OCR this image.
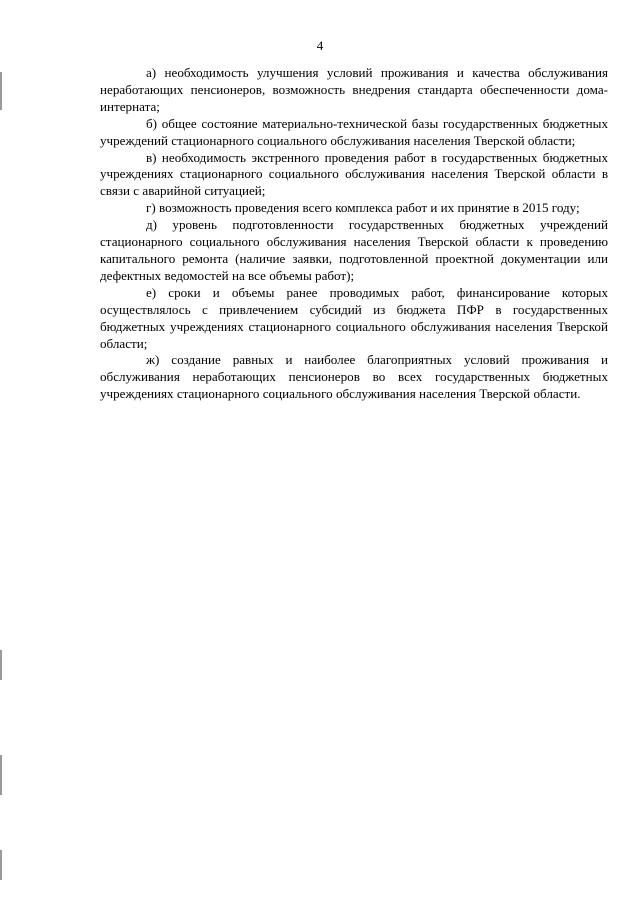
4

а) необходимость улучшения условий проживания и качества обслуживания неработающих пенсионеров, возможность внедрения стандарта обеспеченности дома-интерната;

б) общее состояние материально-технической базы государственных бюджетных учреждений стационарного социального обслуживания населения Тверской области;

в) необходимость экстренного проведения работ в государственных бюджетных учреждениях стационарного социального обслуживания населения Тверской области в связи с аварийной ситуацией;

г) возможность проведения всего комплекса работ и их принятие в 2015 году;

д) уровень подготовленности государственных бюджетных учреждений стационарного социального обслуживания населения Тверской области к проведению капитального ремонта (наличие заявки, подготовленной проектной документации или дефектных ведомостей на все объемы работ);

е) сроки и объемы ранее проводимых работ, финансирование которых осуществлялось с привлечением субсидий из бюджета ПФР в государственных бюджетных учреждениях стационарного социального обслуживания населения Тверской области;

ж) создание равных и наиболее благоприятных условий проживания и обслуживания неработающих пенсионеров во всех государственных бюджетных учреждениях стационарного социального обслуживания населения Тверской области.
